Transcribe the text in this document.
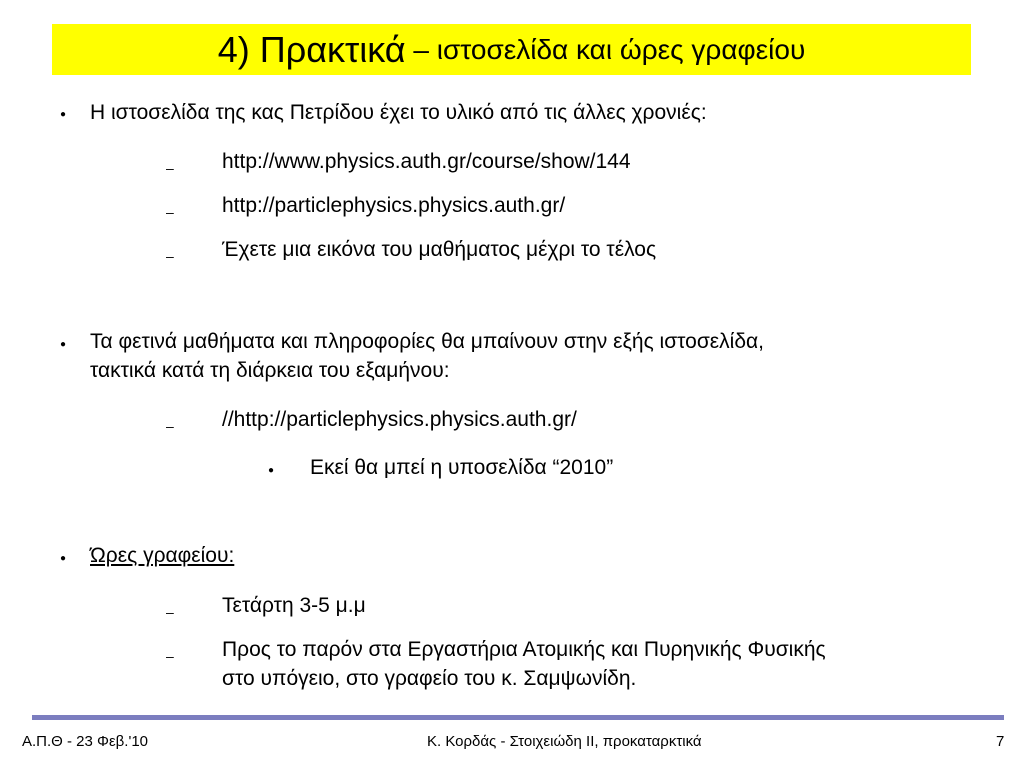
4) Πρακτικά – ιστοσελίδα και ώρες γραφείου
● Η ιστοσελίδα της κας Πετρίδου έχει το υλικό από τις άλλες χρονιές:
– http://www.physics.auth.gr/course/show/144
– http://particlephysics.physics.auth.gr/
– Έχετε μια εικόνα του μαθήματος μέχρι το τέλος
● Τα φετινά μαθήματα και πληροφορίες θα μπαίνουν στην εξής ιστοσελίδα,
τακτικά κατά τη διάρκεια του εξαμήνου:
– //http://particlephysics.physics.auth.gr/
● Εκεί θα μπεί η υποσελίδα “2010”
● Ώρες γραφείου:
– Τετάρτη 3-5 μ.μ
– Προς το παρόν στα Εργαστήρια Ατομικής και Πυρηνικής Φυσικής
στο υπόγειο, στο γραφείο του κ. Σαμψωνίδη.
Α.Π.Θ - 23 Φεβ.'10	Κ. Κορδάς - Στοιχειώδη ΙΙ, προκαταρκτικά	7
